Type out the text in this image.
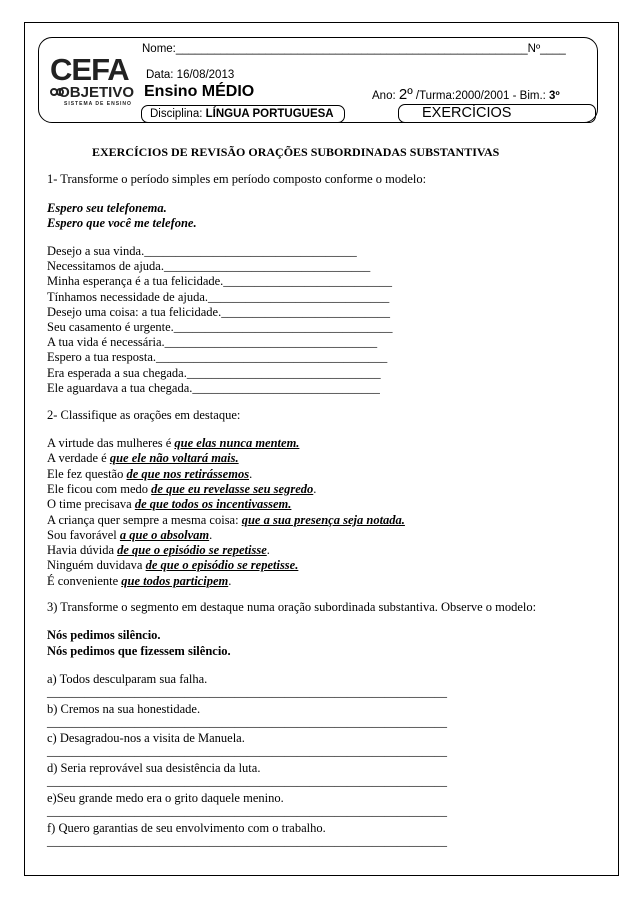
CEFA
OBJETIVO
SISTEMA DE ENSINO
Nome:_______________________________________________________Nº____
Data: 16/08/2013
Ensino MÉDIO	Ano: 2º /Turma:2000/2001 - Bim.: 3º
Disciplina: LÍNGUA PORTUGUESA	EXERCÍCIOS
EXERCÍCIOS DE REVISÃO ORAÇÕES SUBORDINADAS SUBSTANTIVAS
1- Transforme o período simples em período composto conforme o modelo:
Espero seu telefonema.
Espero que você me telefone.
Desejo a sua vinda.__________________________________
Necessitamos de ajuda._________________________________
Minha esperança é a tua felicidade.___________________________
Tínhamos necessidade de ajuda._____________________________
Desejo uma coisa: a tua felicidade.___________________________
Seu casamento é urgente.___________________________________
A tua vida é necessária.__________________________________
Espero a tua resposta._____________________________________
Era esperada a sua chegada._______________________________
Ele aguardava a tua chegada.______________________________
2- Classifique as orações em destaque:
A virtude das mulheres é que elas nunca mentem.
A verdade é que ele não voltará mais.
Ele fez questão de que nos retirássemos.
Ele ficou com medo de que eu revelasse seu segredo.
O time precisava de que todos os incentivassem.
A criança quer sempre a mesma coisa: que a sua presença seja notada.
Sou favorável a que o absolvam.
Havia dúvida de que o episódio se repetisse.
Ninguém duvidava de que o episódio se repetisse.
É conveniente que todos participem.
3) Transforme o segmento em destaque numa oração subordinada substantiva. Observe o modelo:
Nós pedimos silêncio.
Nós pedimos que fizessem silêncio.
a) Todos desculparam sua falha.
________________________________________________________________
b) Cremos na sua honestidade.
________________________________________________________________
c) Desagradou-nos a visita de Manuela.
________________________________________________________________
d) Seria reprovável sua desistência da luta.
________________________________________________________________
e)Seu grande medo era o grito daquele menino.
________________________________________________________________
f) Quero garantias de seu envolvimento com o trabalho.
________________________________________________________________
